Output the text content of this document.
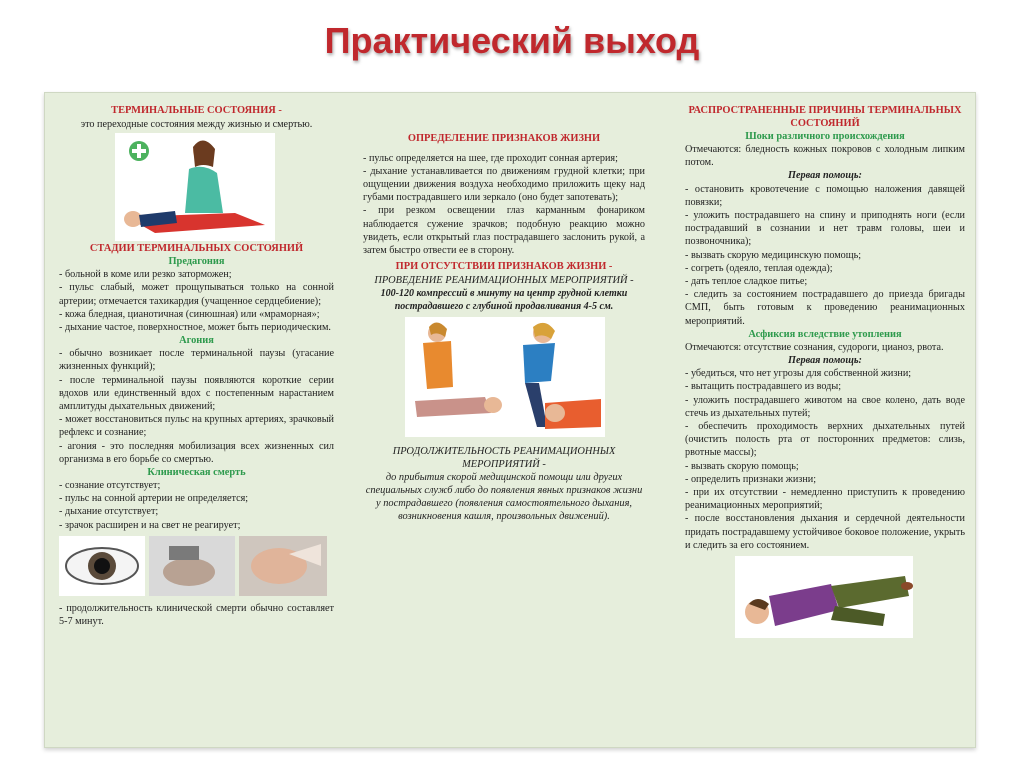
Практический выход

ТЕРМИНАЛЬНЫЕ СОСТОЯНИЯ -

это переходные состояния между жизнью и смертью.

СТАДИИ ТЕРМИНАЛЬНЫХ СОСТОЯНИЙ

Предагония

- больной в коме или резко заторможен;
- пульс слабый, может прощупываться только на сонной артерии; отмечается тахикардия (учащенное сердцебиение);
- кожа бледная, цианотичная (синюшная) или «мраморная»;
- дыхание частое, поверхностное, может быть периодическим.

Агония

- обычно возникает после терминальной паузы (угасание жизненных функций);
- после терминальной паузы появляются короткие серии вдохов или единственный вдох с постепенным нарастанием амплитуды дыхательных движений;
- может восстановиться пульс на крупных артериях, зрачковый рефлекс и сознание;
- агония - это последняя мобилизация всех жизненных сил организма в его борьбе со смертью.

Клиническая смерть

- сознание отсутствует;
- пульс на сонной артерии не определяется;
- дыхание отсутствует;
- зрачок расширен и на свет не реагирует;
- продолжительность клинической смерти обычно составляет 5-7 минут.

ОПРЕДЕЛЕНИЕ ПРИЗНАКОВ ЖИЗНИ

- пульс определяется на шее, где проходит сонная артерия;
- дыхание устанавливается по движениям грудной клетки; при ощущении движения воздуха необходимо приложить щеку над губами пострадавшего или зеркало (оно будет запотевать);
- при резком освещении глаз карманным фонариком наблюдается сужение зрачков; подобную реакцию можно увидеть, если открытый глаз пострадавшего заслонить рукой, а затем быстро отвести ее в сторону.

ПРИ ОТСУТСТВИИ ПРИЗНАКОВ ЖИЗНИ -

ПРОВЕДЕНИЕ РЕАНИМАЦИОННЫХ МЕРОПРИЯТИЙ -

100-120 компрессий в минуту на центр грудной клетки пострадавшего с глубиной продавливания 4-5 см.

ПРОДОЛЖИТЕЛЬНОСТЬ РЕАНИМАЦИОННЫХ МЕРОПРИЯТИЙ -

до прибытия скорой медицинской помощи или других специальных служб либо до появления явных признаков жизни у пострадавшего (появления самостоятельного дыхания, возникновения кашля, произвольных движений).

РАСПРОСТРАНЕННЫЕ ПРИЧИНЫ ТЕРМИНАЛЬНЫХ СОСТОЯНИЙ

Шоки различного происхождения

Отмечаются: бледность кожных покровов с холодным липким потом.

Первая помощь:

- остановить кровотечение с помощью наложения давящей повязки;
- уложить пострадавшего на спину и приподнять ноги (если пострадавший в сознании и нет травм головы, шеи и позвоночника);
- вызвать скорую медицинскую помощь;
- согреть (одеяло, теплая одежда);
- дать теплое сладкое питье;
- следить за состоянием пострадавшего до приезда бригады СМП, быть готовым к проведению реанимационных мероприятий.

Асфиксия вследствие утопления

Отмечаются: отсутствие сознания, судороги, цианоз, рвота.

Первая помощь:

- убедиться, что нет угрозы для собственной жизни;
- вытащить пострадавшего из воды;
- уложить пострадавшего животом на свое колено, дать воде стечь из дыхательных путей;
- обеспечить проходимость верхних дыхательных путей (очистить полость рта от посторонних предметов: слизь, рвотные массы);
- вызвать скорую помощь;
- определить признаки жизни;
- при их отсутствии - немедленно приступить к проведению реанимационных мероприятий;
- после восстановления дыхания и сердечной деятельности придать пострадавшему устойчивое боковое положение, укрыть и следить за его состоянием.
